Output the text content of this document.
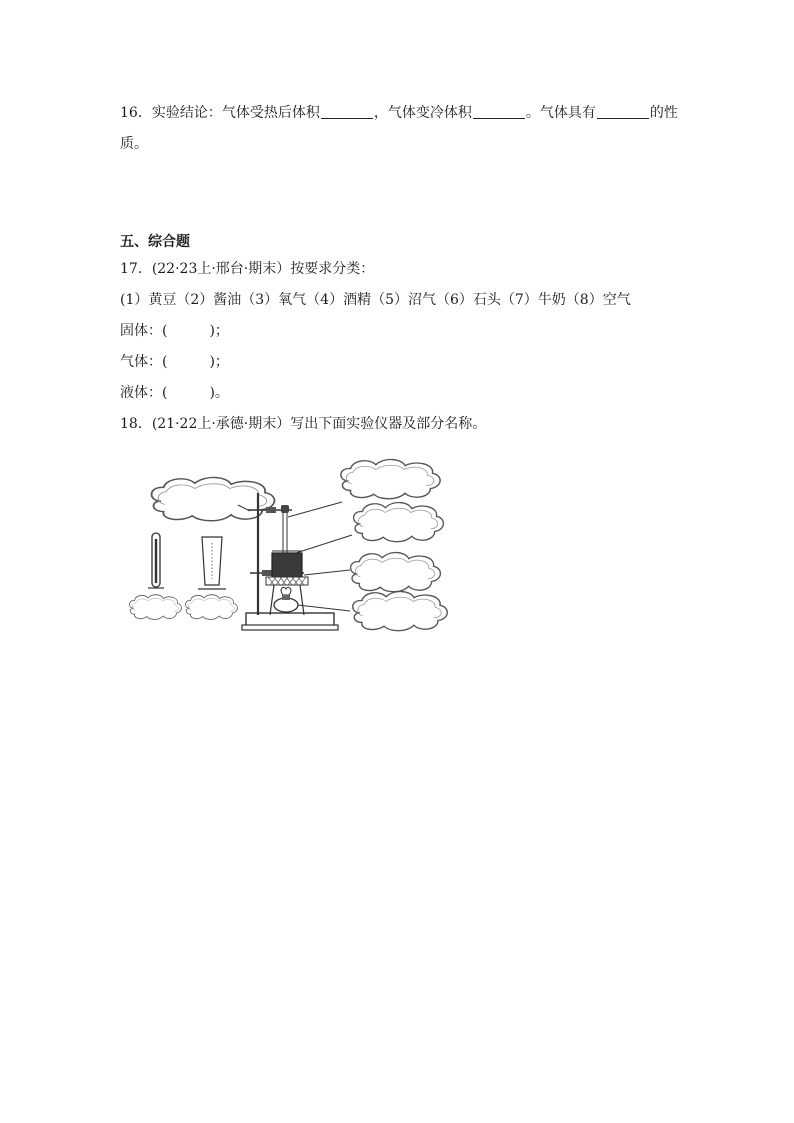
16．实验结论：气体受热后体积	，气体变冷体积	。气体具有	的性
质。
五、综合题
17．(22·23上·邢台·期末）按要求分类：
(1）黄豆（2）酱油（3）氧气（4）酒精（5）沼气（6）石头（7）牛奶（8）空气
固体：(　　　)；
气体：(　　　)；
液体：(　　　)。
18．(21·22上·承德·期末）写出下面实验仪器及部分名称。
